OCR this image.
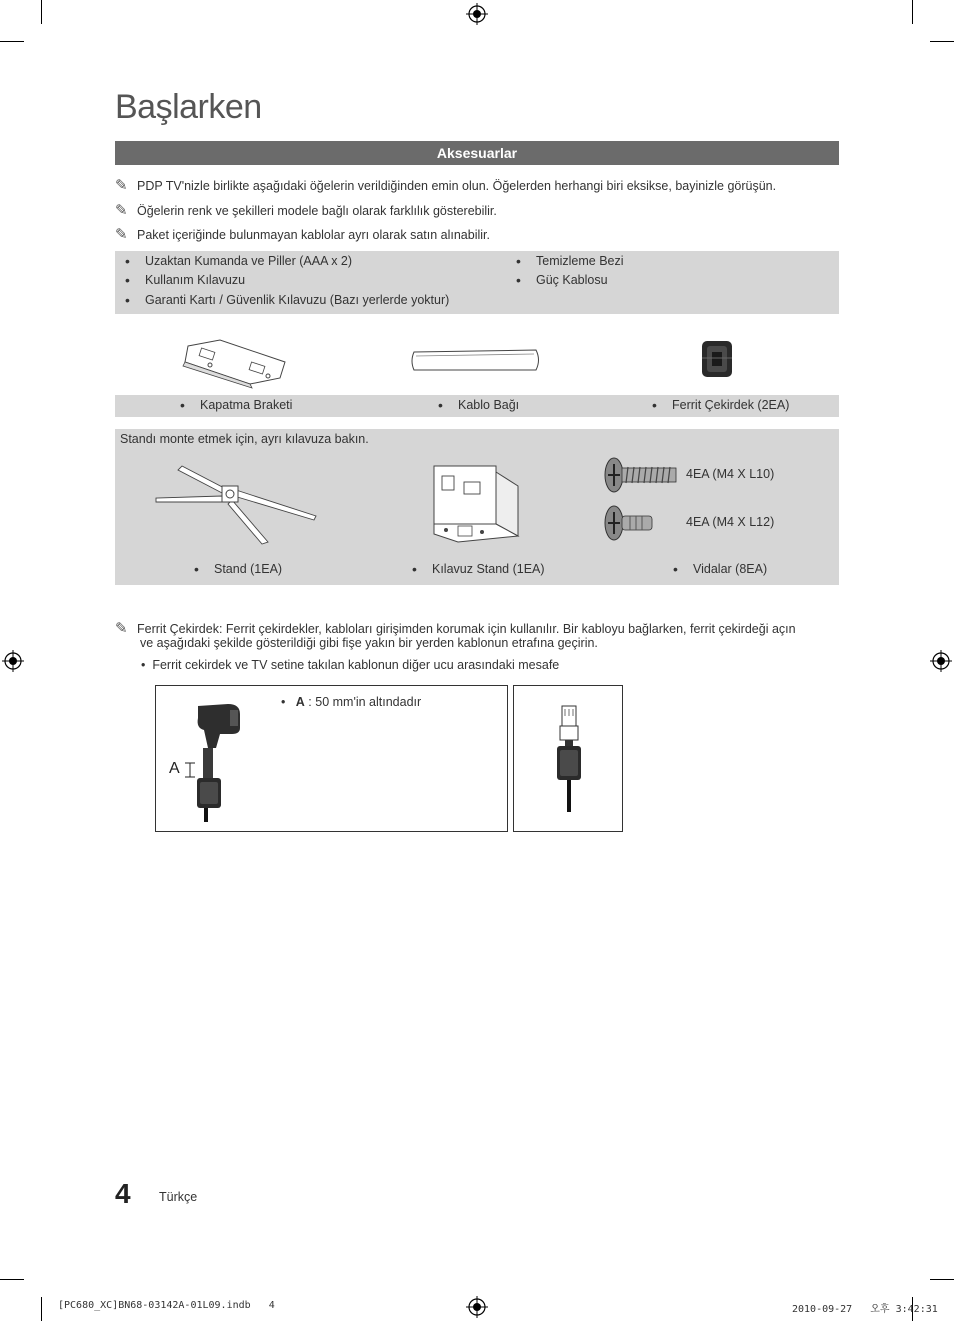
Başlarken
Aksesuarlar
✎ PDP TV'nizle birlikte aşağıdaki öğelerin verildiğinden emin olun. Öğelerden herhangi biri eksikse, bayinizle görüşün.
✎ Öğelerin renk ve şekilleri modele bağlı olarak farklılık gösterebilir.
✎ Paket içeriğinde bulunmayan kablolar ayrı olarak satın alınabilir.
• Uzaktan Kumanda ve Piller (AAA x 2)
• Kullanım Kılavuzu
• Garanti Kartı / Güvenlik Kılavuzu (Bazı yerlerde yoktur)
• Temizleme Bezi
• Güç Kablosu
• Kapatma Braketi	• Kablo Bağı	• Ferrit Çekirdek (2EA)
Standı monte etmek için, ayrı kılavuza bakın.
4EA (M4 X L10)
4EA (M4 X L12)
• Stand (1EA)	• Kılavuz Stand (1EA)	• Vidalar (8EA)
✎ Ferrit Çekirdek: Ferrit çekirdekler, kabloları girişimden korumak için kullanılır. Bir kabloyu bağlarken, ferrit çekirdeği açın
ve aşağıdaki şekilde gösterildiği gibi fişe yakın bir yerden kablonun etrafına geçirin.
•  Ferrit cekirdek ve TV setine takılan kablonun diğer ucu arasındaki mesafe
A
•   A : 50 mm'in altındadır
4 Türkçe
[PC680_XC]BN68-03142A-01L09.indb   4	2010-09-27   오후 3:42:31
